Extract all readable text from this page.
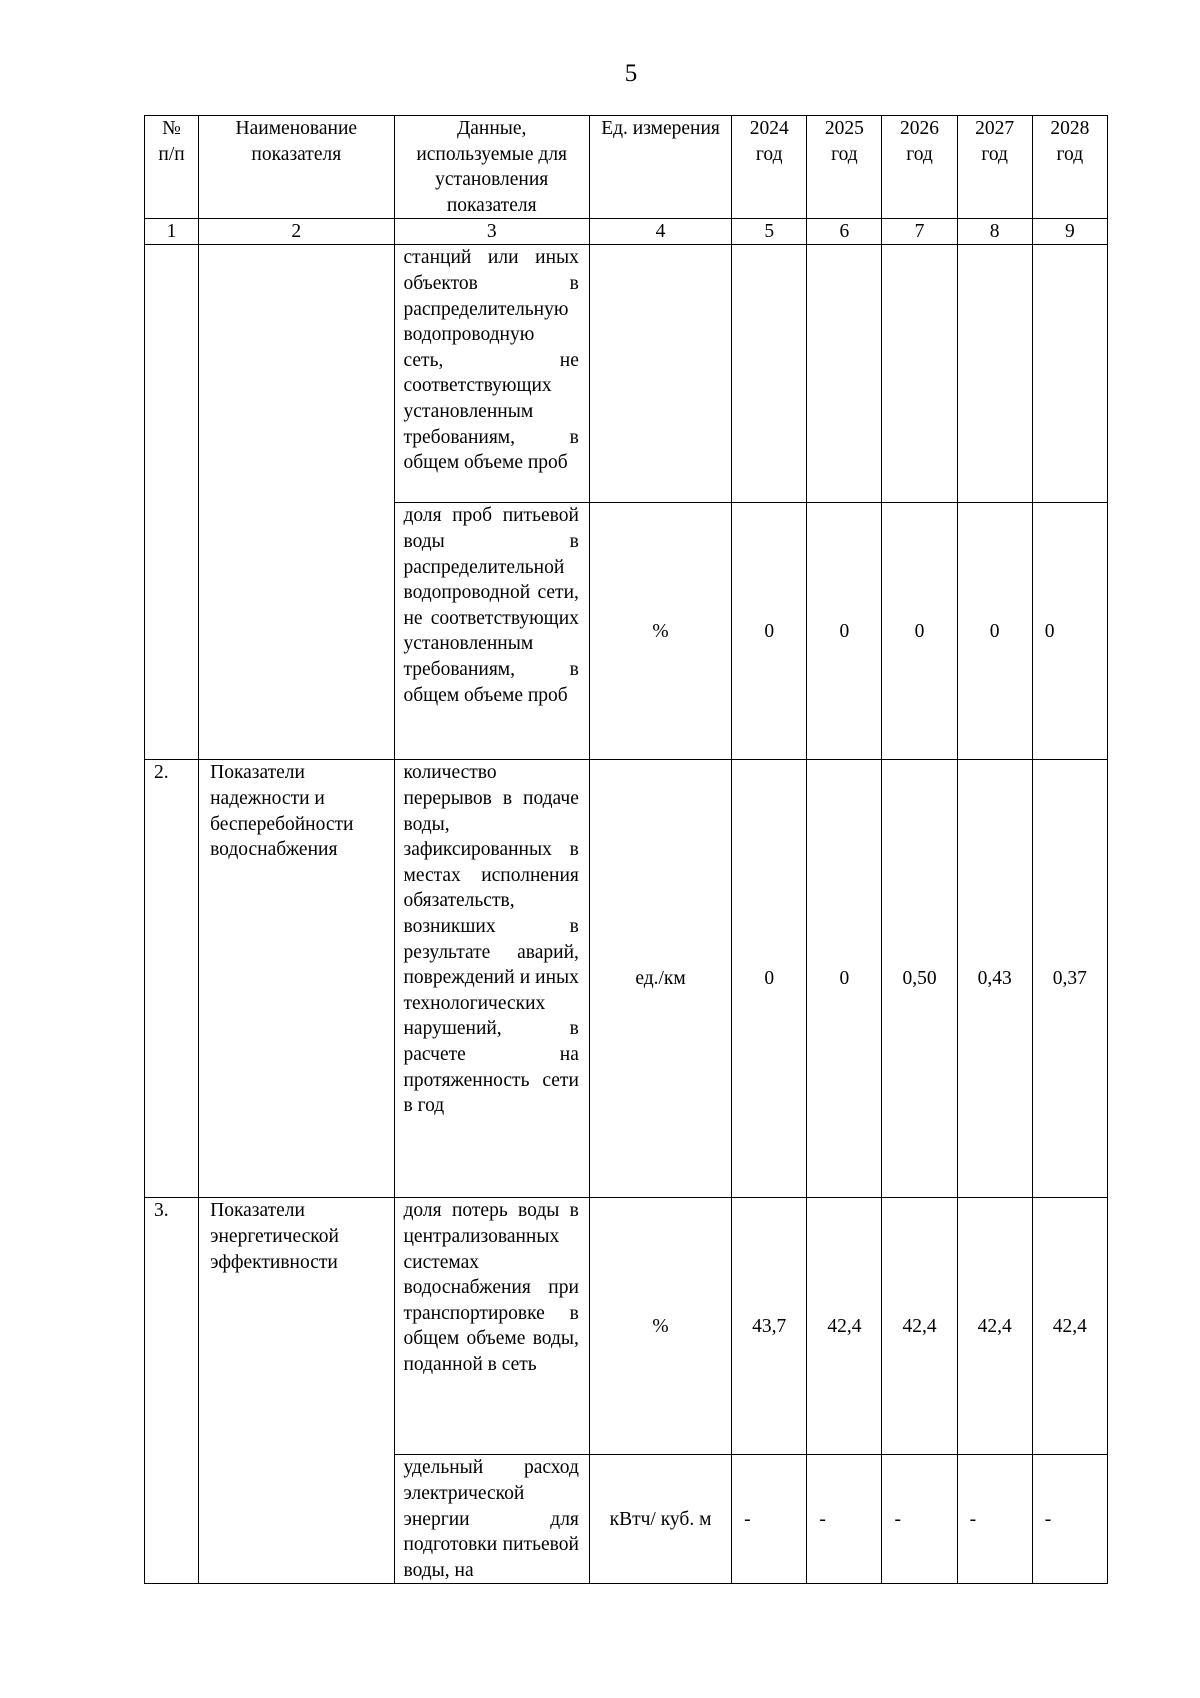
5
№ п/п	Наименование показателя	Данные, используемые для установления показателя	Ед. измерения	2024 год	2025 год	2026 год	2027 год	2028 год
1	2	3	4	5	6	7	8	9
		станций или иных объектов в распределительную водопроводную сеть, не соответствующих установленным требованиям, в общем объеме проб						
		доля проб питьевой воды в распределительной водопроводной сети, не соответствующих установленным требованиям, в общем объеме проб	%	0	0	0	0	0
2.	Показатели надежности и бесперебойности водоснабжения	количество перерывов в подаче воды, зафиксированных в местах исполнения обязательств, возникших в результате аварий, повреждений и иных технологических нарушений, в расчете на протяженность сети в год	ед./км	0	0	0,50	0,43	0,37
3.	Показатели энергетической эффективности	доля потерь воды в централизованных системах водоснабжения при транспортировке в общем объеме воды, поданной в сеть	%	43,7	42,4	42,4	42,4	42,4
		удельный расход электрической энергии для подготовки питьевой воды, на	кВтч/ куб. м	-	-	-	-	-
